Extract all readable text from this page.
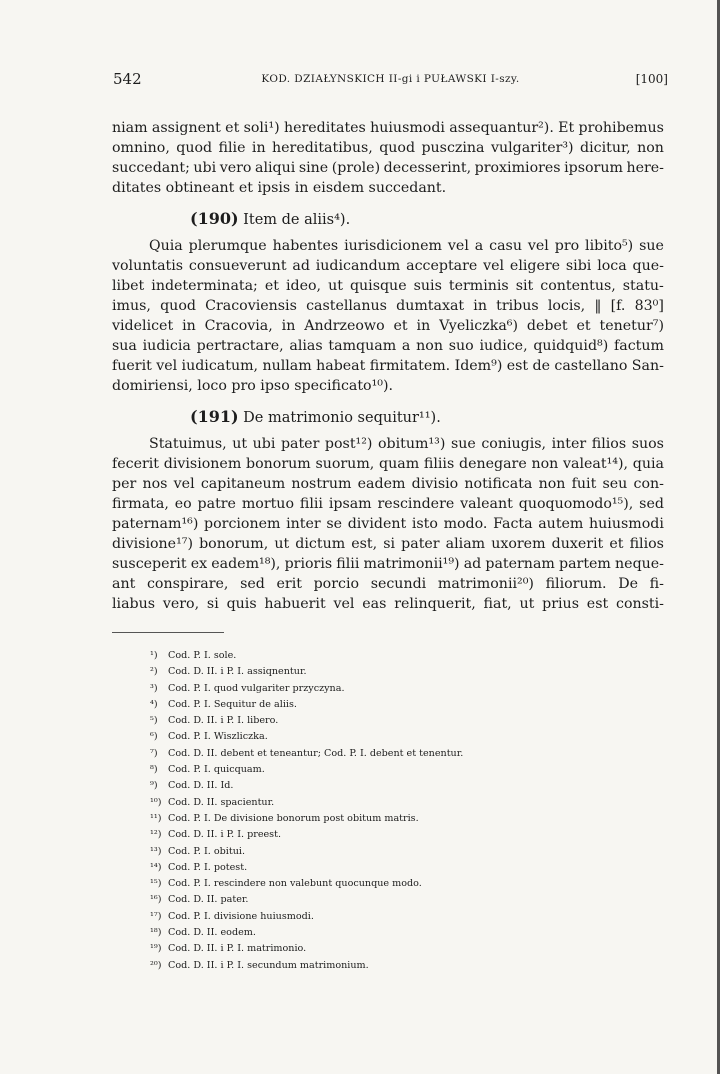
542	KOD. DZIAŁYNSKICH II-gi i PUŁAWSKI I-szy.	[100]
niam assignent et soli¹) hereditates huiusmodi assequantur²). Et prohibemus
omnino, quod filie in hereditatibus, quod pusczina vulgariter³) dicitur, non
succedant; ubi vero aliqui sine (prole) decesserint, proximiores ipsorum here-
ditates obtineant et ipsis in eisdem succedant.
(190) Item de aliis⁴).
Quia plerumque habentes iurisdicionem vel a casu vel pro libito⁵) sue
voluntatis consueverunt ad iudicandum acceptare vel eligere sibi loca que-
libet indeterminata; et ideo, ut quisque suis terminis sit contentus, statu-
imus, quod Cracoviensis castellanus dumtaxat in tribus locis, ‖ [f. 83⁰]
videlicet in Cracovia, in Andrzeowo et in Vyeliczka⁶) debet et tenetur⁷)
sua iudicia pertractare, alias tamquam a non suo iudice, quidquid⁸) factum
fuerit vel iudicatum, nullam habeat firmitatem. Idem⁹) est de castellano San-
domiriensi, loco pro ipso specificato¹⁰).
(191) De matrimonio sequitur¹¹).
Statuimus, ut ubi pater post¹²) obitum¹³) sue coniugis, inter filios suos
fecerit divisionem bonorum suorum, quam filiis denegare non valeat¹⁴), quia
per nos vel capitaneum nostrum eadem divisio notificata non fuit seu con-
firmata, eo patre mortuo filii ipsam rescindere valeant quoquomodo¹⁵), sed
paternam¹⁶) porcionem inter se divident isto modo. Facta autem huiusmodi
divisione¹⁷) bonorum, ut dictum est, si pater aliam uxorem duxerit et filios
susceperit ex eadem¹⁸), prioris filii matrimonii¹⁹) ad paternam partem neque-
ant conspirare, sed erit porcio secundi matrimonii²⁰) filiorum. De fi-
liabus vero, si quis habuerit vel eas relinquerit, fiat, ut prius est consti-
¹) Cod. P. I. sole.
²) Cod. D. II. i P. I. assiqnentur.
³) Cod. P. I. quod vulgariter przyczyna.
⁴) Cod. P. I. Sequitur de aliis.
⁵) Cod. D. II. i P. I. libero.
⁶) Cod. P. I. Wiszliczka.
⁷) Cod. D. II. debent et teneantur; Cod. P. I. debent et tenentur.
⁸) Cod. P. I. quicquam.
⁹) Cod. D. II. Id.
¹⁰) Cod. D. II. spacientur.
¹¹) Cod. P. I. De divisione bonorum post obitum matris.
¹²) Cod. D. II. i P. I. preest.
¹³) Cod. P. I. obitui.
¹⁴) Cod. P. I. potest.
¹⁵) Cod. P. I. rescindere non valebunt quocunque modo.
¹⁶) Cod. D. II. pater.
¹⁷) Cod. P. I. divisione huiusmodi.
¹⁸) Cod. D. II. eodem.
¹⁹) Cod. D. II. i P. I. matrimonio.
²⁰) Cod. D. II. i P. I. secundum matrimonium.
